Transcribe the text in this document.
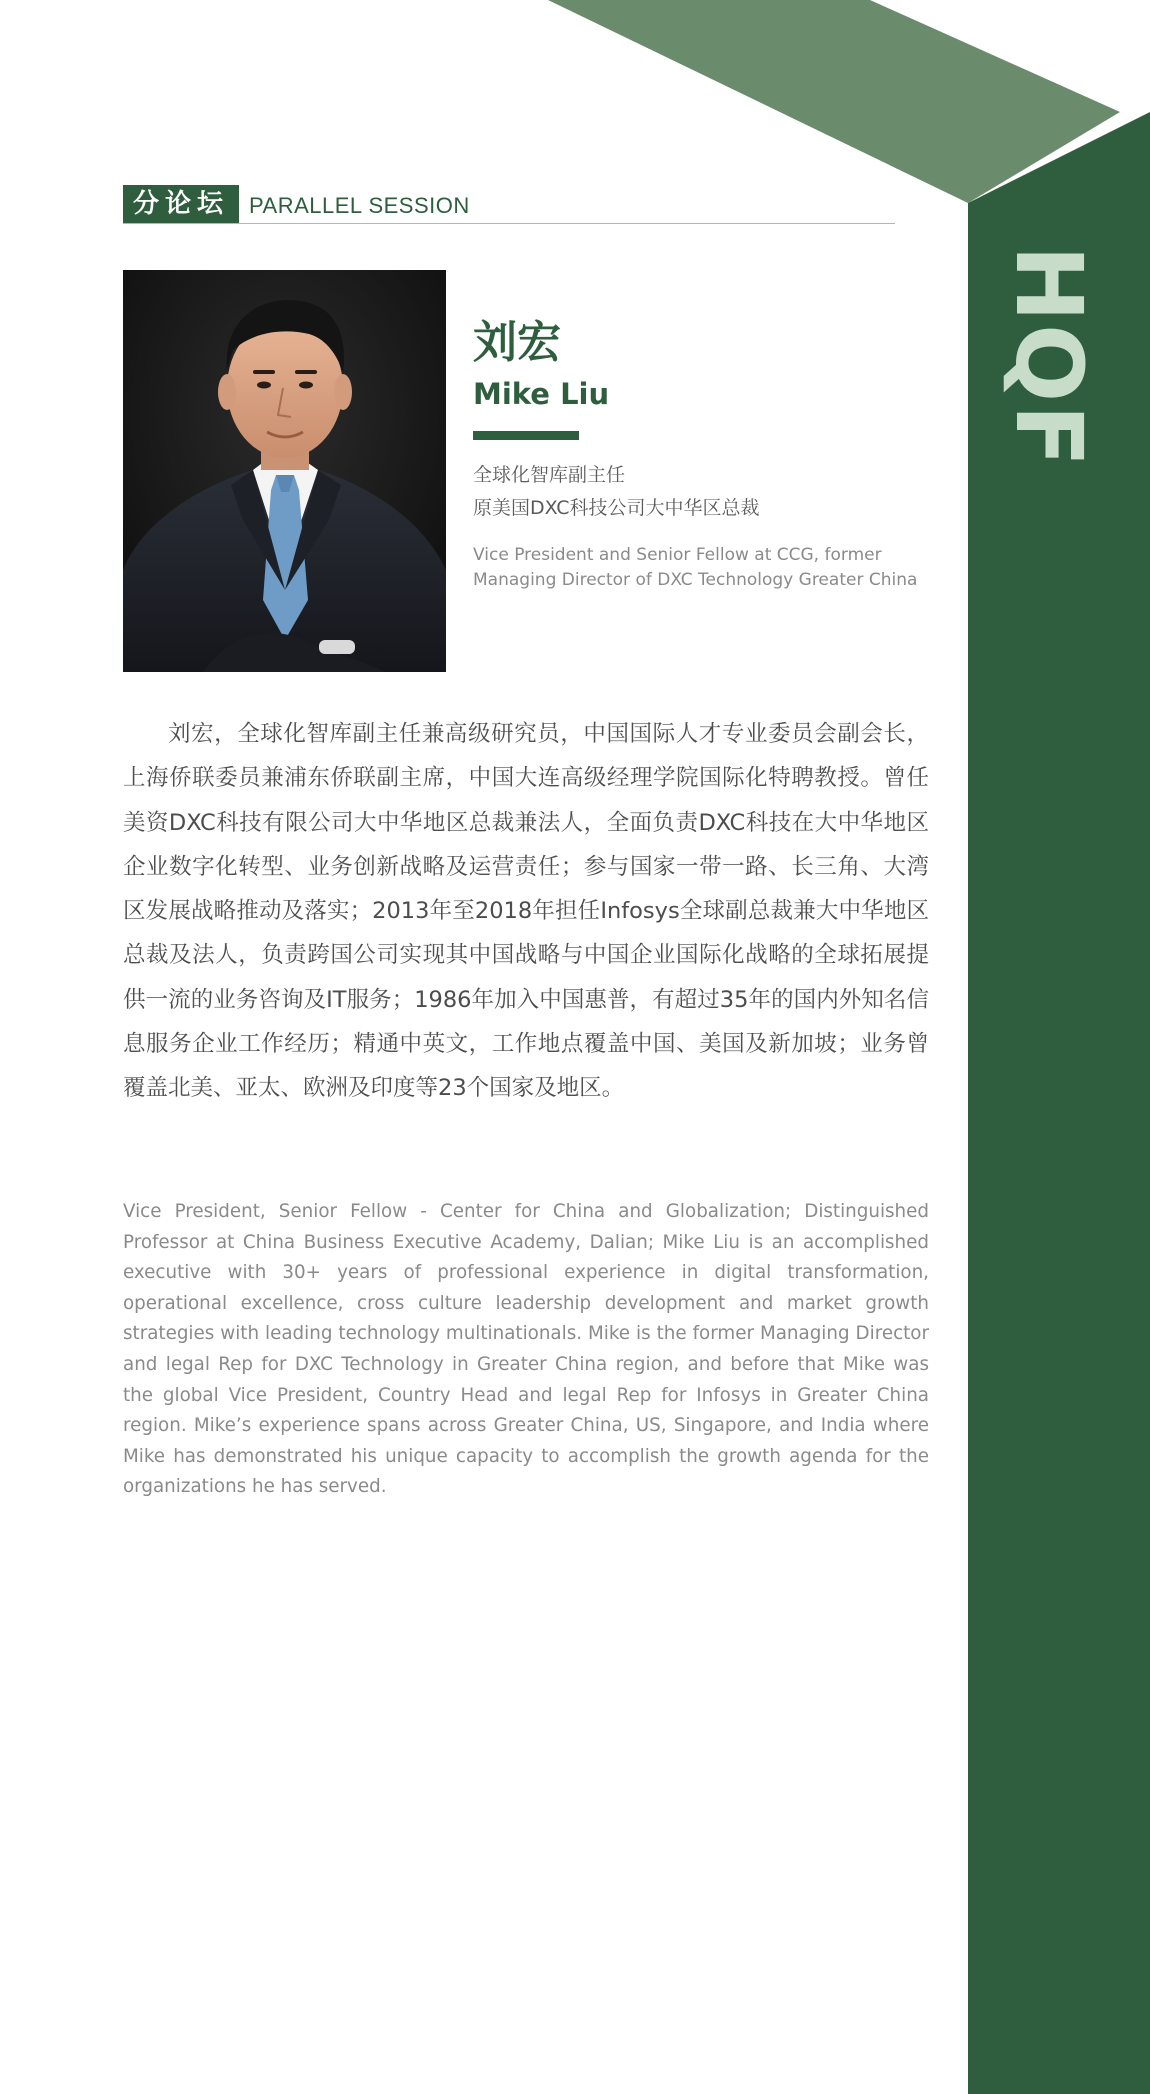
HQF
分论坛 PARALLEL SESSION
刘宏
Mike Liu
全球化智库副主任
原美国DXC科技公司大中华区总裁
Vice President and Senior Fellow at CCG, former Managing Director of DXC Technology Greater China

刘宏，全球化智库副主任兼高级研究员，中国国际人才专业委员会副会长，上海侨联委员兼浦东侨联副主席，中国大连高级经理学院国际化特聘教授。曾任美资DXC科技有限公司大中华地区总裁兼法人，全面负责DXC科技在大中华地区企业数字化转型、业务创新战略及运营责任；参与国家一带一路、长三角、大湾区发展战略推动及落实；2013年至2018年担任Infosys全球副总裁兼大中华地区总裁及法人，负责跨国公司实现其中国战略与中国企业国际化战略的全球拓展提供一流的业务咨询及IT服务；1986年加入中国惠普，有超过35年的国内外知名信息服务企业工作经历；精通中英文，工作地点覆盖中国、美国及新加坡；业务曾覆盖北美、亚太、欧洲及印度等23个国家及地区。

Vice President, Senior Fellow - Center for China and Globalization; Distinguished Professor at China Business Executive Academy, Dalian; Mike Liu is an accomplished executive with 30+ years of professional experience in digital transformation, operational excellence, cross culture leadership development and market growth strategies with leading technology multinationals. Mike is the former Managing Director and legal Rep for DXC Technology in Greater China region, and before that Mike was the global Vice President, Country Head and legal Rep for Infosys in Greater China region. Mike’s experience spans across Greater China, US, Singapore, and India where Mike has demonstrated his unique capacity to accomplish the growth agenda for the organizations he has served.
